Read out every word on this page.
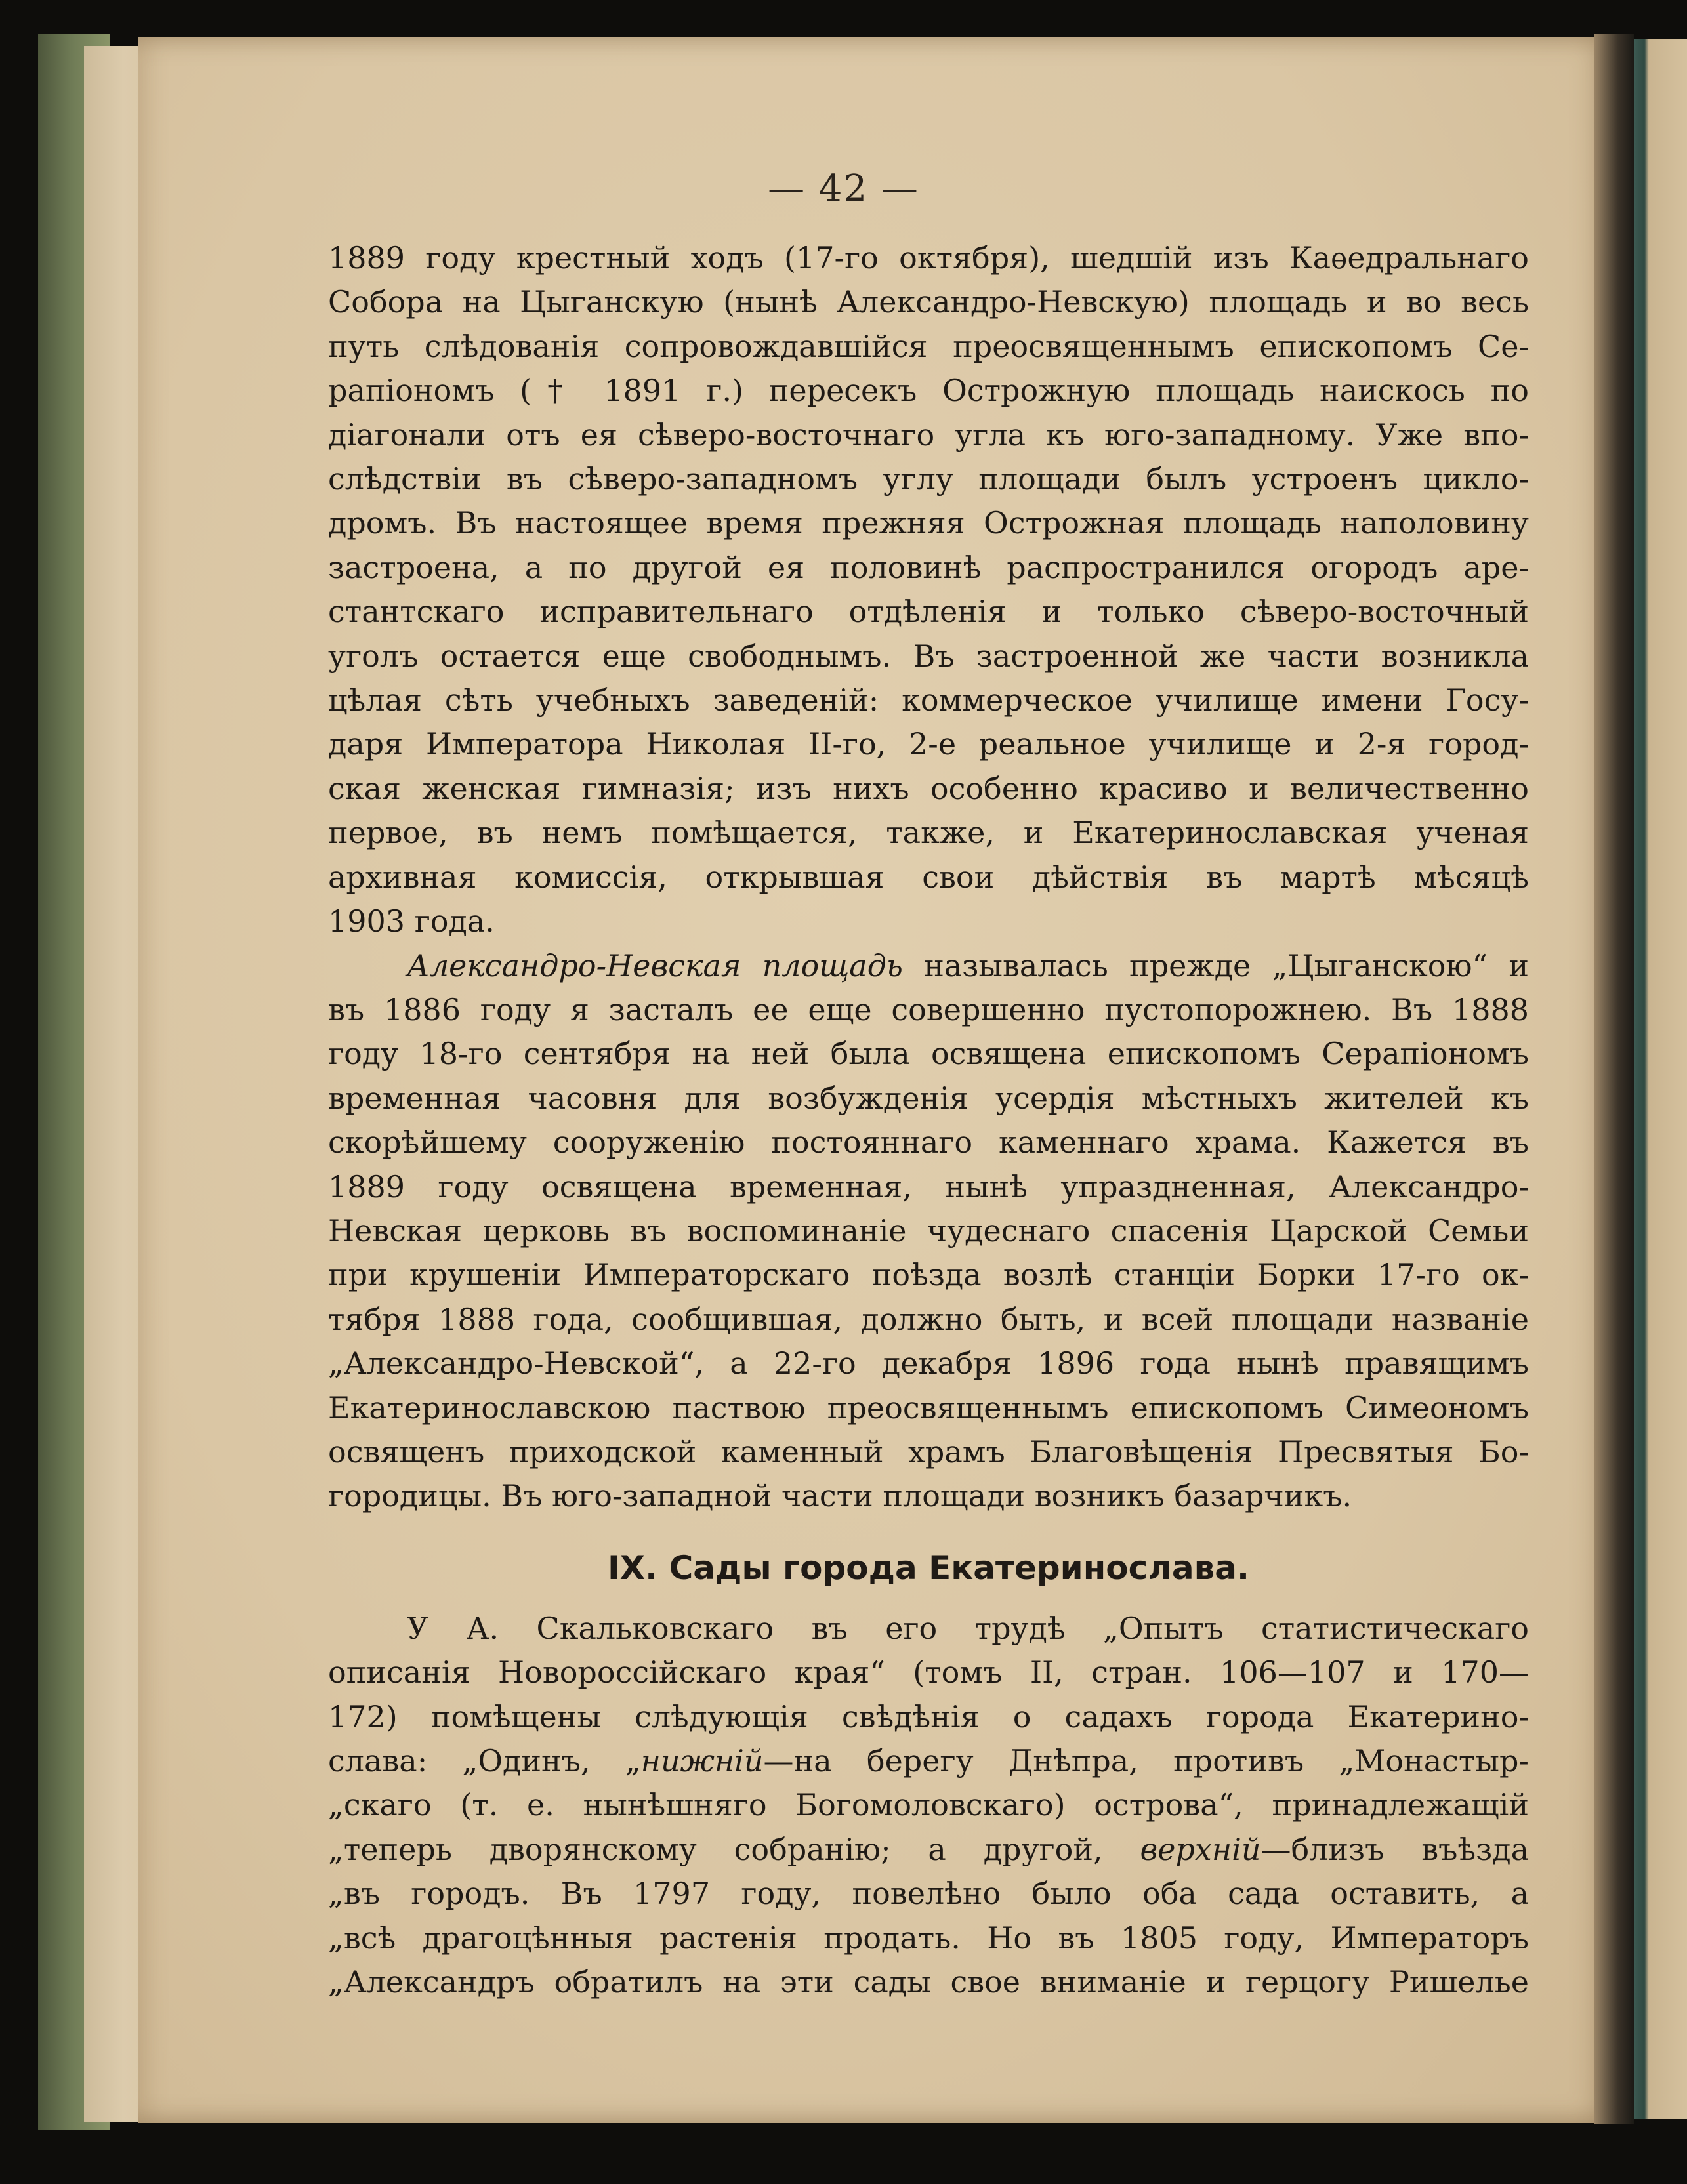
— 42 —

1889 году крестный ходъ (17-го октября), шедшiй изъ Каѳедральнаго

Собора на Цыганскую (нынѣ Александро-Невскую) площадь и во весь

путь слѣдованiя сопровождавшiйся преосвященнымъ епископомъ Се-

рапiономъ († 1891 г.) пересекъ Острожную площадь наискось по

дiагонали отъ ея сѣверо-восточнаго угла къ юго-западному. Уже впо-

слѣдствiи въ сѣверо-западномъ углу площади былъ устроенъ цикло-

дромъ. Въ настоящее время прежняя Острожная площадь наполовину

застроена, а по другой ея половинѣ распространился огородъ аре-

стантскаго исправительнаго отдѣленiя и только сѣверо-восточный

уголъ остается еще свободнымъ. Въ застроенной же части возникла

цѣлая сѣть учебныхъ заведенiй: коммерческое училище имени Госу-

даря Императора Николая II-го, 2-е реальное училище и 2-я город-

ская женская гимназiя; изъ нихъ особенно красиво и величественно

первое, въ немъ помѣщается, также, и Екатеринославская ученая

архивная комиссiя, открывшая свои дѣйствiя въ мартѣ мѣсяцѣ

1903 года.

Александро-Невская площадь называлась прежде „Цыганскою“ и

въ 1886 году я засталъ ее еще совершенно пустопорожнею. Въ 1888

году 18-го сентября на ней была освящена епископомъ Серапiономъ

временная часовня для возбужденiя усердiя мѣстныхъ жителей къ

скорѣйшему сооруженiю постояннаго каменнаго храма. Кажется въ

1889 году освящена временная, нынѣ упраздненная, Александро-

Невская церковь въ воспоминанiе чудеснаго спасенiя Царской Семьи

при крушенiи Императорскаго поѣзда возлѣ станцiи Борки 17-го ок-

тября 1888 года, сообщившая, должно быть, и всей площади названiе

„Александро-Невской“, а 22-го декабря 1896 года нынѣ правящимъ

Екатеринославскою паствою преосвященнымъ епископомъ Симеономъ

освященъ приходской каменный храмъ Благовѣщенiя Пресвятыя Бо-

городицы. Въ юго-западной части площади возникъ базарчикъ.

IX. Сады города Екатеринослава.

У А. Скальковскаго въ его трудѣ „Опытъ статистическаго

описанiя Новороссiйскаго края“ (томъ II, стран. 106—107 и 170—

172) помѣщены слѣдующiя свѣдѣнiя о садахъ города Екатерино-

слава: „Одинъ, „нижнiй—на берегу Днѣпра, противъ „Монастыр-

„скаго (т. е. нынѣшняго Богомоловскаго) острова“, принадлежащiй

„теперь дворянскому собранiю; а другой, верхнiй—близъ въѣзда

„въ городъ. Въ 1797 году, повелѣно было оба сада оставить, а

„всѣ драгоцѣнныя растенiя продать. Но въ 1805 году, Императоръ

„Александръ обратилъ на эти сады свое вниманiе и герцогу Ришелье
